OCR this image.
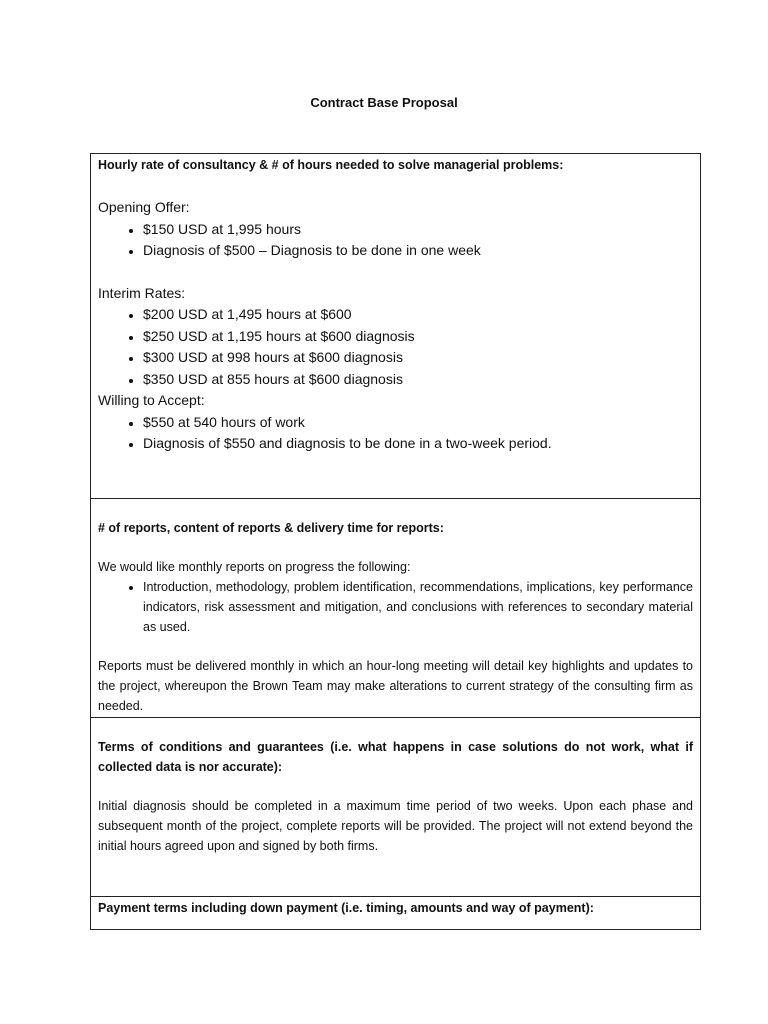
Contract Base Proposal
Hourly rate of consultancy & # of hours needed to solve managerial problems:
Opening Offer:
• $150 USD at 1,995 hours
• Diagnosis of $500 – Diagnosis to be done in one week
Interim Rates:
• $200 USD at 1,495 hours at $600
• $250 USD at 1,195 hours at $600 diagnosis
• $300 USD at 998 hours at $600 diagnosis
• $350 USD at 855 hours at $600 diagnosis
Willing to Accept:
• $550 at 540 hours of work
• Diagnosis of $550 and diagnosis to be done in a two-week period.
# of reports, content of reports & delivery time for reports:

We would like monthly reports on progress the following:

• Introduction, methodology, problem identification, recommendations, implications, key performance indicators, risk assessment and mitigation, and conclusions with references to secondary material as used.

Reports must be delivered monthly in which an hour-long meeting will detail key highlights and updates to the project, whereupon the Brown Team may make alterations to current strategy of the consulting firm as needed.

Terms of conditions and guarantees (i.e. what happens in case solutions do not work, what if collected data is nor accurate):

Initial diagnosis should be completed in a maximum time period of two weeks. Upon each phase and subsequent month of the project, complete reports will be provided. The project will not extend beyond the initial hours agreed upon and signed by both firms.

Payment terms including down payment (i.e. timing, amounts and way of payment):
